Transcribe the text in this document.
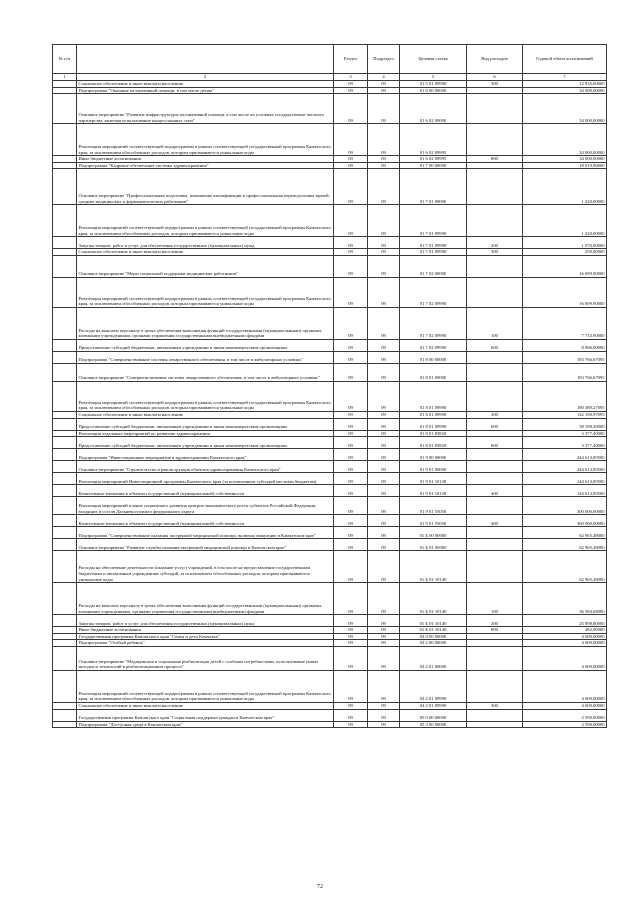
№ п/п		Раздел	Подраздел	Целевая статья	Вид расходов	Годовой объем ассигнований
1	2	3	4	5	6	7
	Социальное обеспечение и иные выплаты населению	09	09	01 5 01 09990	300	12 935,60000
	Подпрограмма "Оказание паллиативной помощи, в том числе детям"	09	09	01 6 00 00000		34 000,00000
	Основное мероприятие "Развитие инфраструктуры паллиативной помощи, в том числе на условиях государственно-частного партнерства, включая использование концессионных схем"	09	09	01 6 02 00000		34 000,00000
	Реализация мероприятий соответствующей подпрограммы в рамках соответствующей государственной программы Камчатского края, за исключением обособленных расходов, которым присваиваются уникальные коды	09	09	01 6 02 09995		34 000,00000
	Иные бюджетные ассигнования	09	09	01 6 02 09995	800	34 000,00000
	Подпрограмма "Кадровое обеспечение системы здравоохранения"	09	09	01 7 00 00000		18 019,90000
	Основное мероприятие "Профессиональная подготовка, повышение квалификации и профессиональная переподготовка врачей, средних медицинских и фармацевтических работников"	09	09	01 7 01 00000		1 320,00000
	Реализация мероприятий соответствующей подпрограммы в рамках соответствующей государственной программы Камчатского края, за исключением обособленных расходов, которым присваиваются уникальные коды	09	09	01 7 01 09990		1 320,00000
	Закупка товаров, работ и услуг для обеспечения государственных (муниципальных) нужд	09	09	01 7 01 09990	200	1 070,00000
	Социальное обеспечение и иные выплаты населению	09	09	01 7 01 09990	300	250,00000
	Основное мероприятие "Меры социальной поддержки медицинских работников"	09	09	01 7 02 00000		16 699,90000
	Реализация мероприятий соответствующей подпрограммы в рамках соответствующей государственной программы Камчатского края, за исключением обособленных расходов, которым присваиваются уникальные коды	09	09	01 7 02 09990		16 699,90000
	Расходы на выплаты персоналу в целях обеспечения выполнения функций государственными (муниципальными) органами, казенными учреждениями, органами управления государственными внебюджетными фондами	09	09	01 7 02 09990	100	7 733,90000
	Предоставление субсидий бюджетным, автономным учреждениям и иным некоммерческим организациям	09	09	01 7 02 09990	600	8 966,00000
	Подпрограмма "Совершенствование системы лекарственного обеспечения, в том числе в амбулаторных условиях"	09	09	01 8 00 00000		183 766,67095
	Основное мероприятие "Совершенствование системы лекарственного обеспечения, в том числе в амбулаторных условиях"	09	09	01 8 01 00000		183 766,67095
	Реализация мероприятий соответствующей подпрограммы в рамках соответствующей государственной программы Камчатского края, за исключением обособленных расходов, которым присваиваются уникальные коды	09	09	01 8 01 09990		180 389,27095
	Социальное обеспечение и иные выплаты населению	09	09	01 8 01 09990	300	142 190,97095
	Предоставление субсидий бюджетным, автономным учреждениям и иным некоммерческим организациям	09	09	01 8 01 09990	600	38 198,30000
	Реализация отдельных мероприятий по развитию здравоохранения	09	09	01 8 01 83820		3 377,40000
	Предоставление субсидий бюджетным, автономным учреждениям и иным некоммерческим организациям	09	09	01 8 01 83820	600	3 377,40000
	Подпрограмма "Инвестиционные мероприятия в здравоохранении Камчатского края"	09	09	01 9 00 00000		444 613,09500
	Основное мероприятие "Строительство и реконструкция объектов здравоохранения Камчатского края"	09	09	01 9 01 00000		444 613,09500
	Реализация мероприятий Инвестиционной программы Камчатского края (за исключением субсидий местным бюджетам)	09	09	01 9 01 10130		144 613,09500
	Капитальные вложения в объекты государственной (муниципальной) собственности	09	09	01 9 01 10130	400	144 613,09500
	Реализация мероприятий планов социального развития центров экономического роста субъектов Российской Федерации, входящих в состав Дальневосточного федерального округа	09	09	01 9 01 55050		300 000,00000
	Капитальные вложения в объекты государственной (муниципальной) собственности	09	09	01 9 01 55050	400	300 000,00000
	Подпрограмма "Совершенствование оказания экстренной медицинской помощи, включая эвакуацию в Камчатском крае"	09	09	01 Б 00 00000		62 965,48000
	Основное мероприятие "Развитие службы оказания экстренной медицинской помощи в Камчатском крае"	09	09	01 Б 01 00000		62 965,48000
	Расходы на обеспечение деятельности (оказание услуг) учреждений, в том числе на предоставление государственным бюджетным и автономным учреждениям субсидий, за исключением обособленных расходов, которым присваиваются уникальные коды	09	09	01 Б 01 10140		62 965,48000
	Расходы на выплаты персоналу в целях обеспечения выполнения функций государственными (муниципальными) органами, казенными учреждениями, органами управления государственными внебюджетными фондами	09	09	01 Б 01 10140	100	36 584,68000
	Закупка товаров, работ и услуг для обеспечения государственных (муниципальных) нужд	09	09	01 Б 01 10140	200	25 898,80000
	Иные бюджетные ассигнования	09	09	01 Б 01 10140	800	482,00000
	Государственная программа Камчатского края "Семья и дети Камчатки"	09	09	04 0 00 00000		4 600,00000
	Подпрограмма "Особый ребенок"	09	09	04 2 00 00000		4 600,00000
	Основное мероприятие "Медицинская и социальная реабилитация детей с особыми потребностями, использование новых методов и технологий в реабилитационном процессе"	09	09	04 2 01 00000		4 600,00000
	Реализация мероприятий соответствующей подпрограммы в рамках соответствующей государственной программы Камчатского края, за исключением обособленных расходов, которым присваиваются уникальные коды	09	09	04 2 01 09990		4 600,00000
	Социальное обеспечение и иные выплаты населению	09	09	04 2 01 09990	300	4 600,00000
	Государственная программа Камчатского края "Социальная поддержка граждан в Камчатском крае"	09	09	05 0 00 00000		2 590,00000
	Подпрограмма "Доступная среда в Камчатском крае"	09	09	05 3 00 00000		2 590,00000
72
